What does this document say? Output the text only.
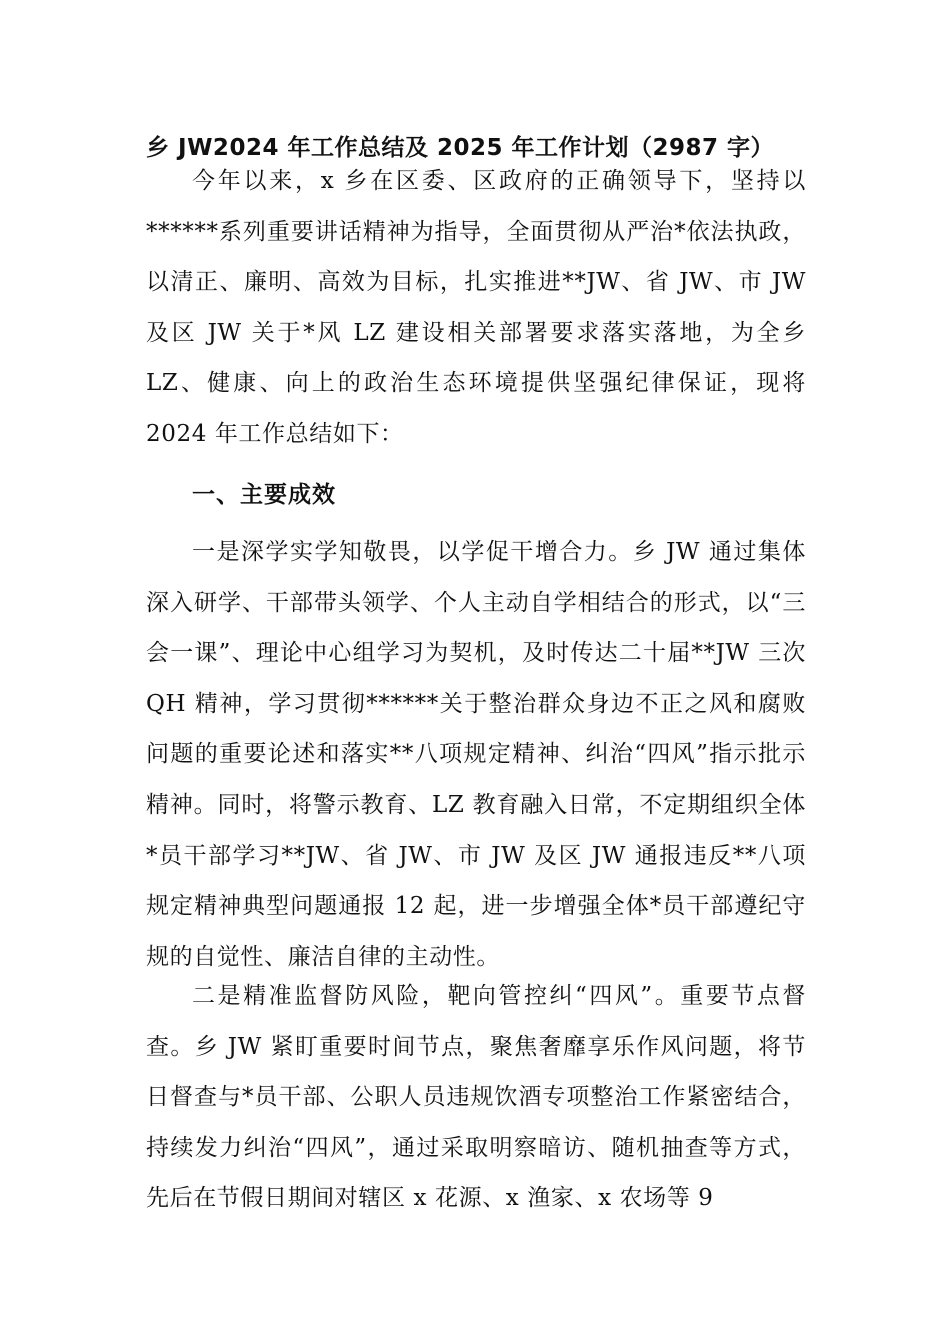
乡 JW2024 年工作总结及 2025 年工作计划（2987 字）

今年以来，x 乡在区委、区政府的正确领导下，坚持以******系列重要讲话精神为指导，全面贯彻从严治*依法执政，以清正、廉明、高效为目标，扎实推进**JW、省 JW、市 JW 及区 JW 关于*风 LZ 建设相关部署要求落实落地，为全乡 LZ、健康、向上的政治生态环境提供坚强纪律保证，现将 2024 年工作总结如下：

一、主要成效

一是深学实学知敬畏，以学促干增合力。乡 JW 通过集体深入研学、干部带头领学、个人主动自学相结合的形式，以“三会一课”、理论中心组学习为契机，及时传达二十届**JW 三次 QH 精神，学习贯彻******关于整治群众身边不正之风和腐败问题的重要论述和落实**八项规定精神、纠治“四风”指示批示精神。同时，将警示教育、LZ 教育融入日常，不定期组织全体*员干部学习**JW、省 JW、市 JW 及区 JW 通报违反**八项规定精神典型问题通报 12 起，进一步增强全体*员干部遵纪守规的自觉性、廉洁自律的主动性。

二是精准监督防风险，靶向管控纠“四风”。重要节点督查。乡 JW 紧盯重要时间节点，聚焦奢靡享乐作风问题，将节日督查与*员干部、公职人员违规饮酒专项整治工作紧密结合，持续发力纠治“四风”，通过采取明察暗访、随机抽查等方式，先后在节假日期间对辖区 x 花源、x 渔家、x 农场等 9
